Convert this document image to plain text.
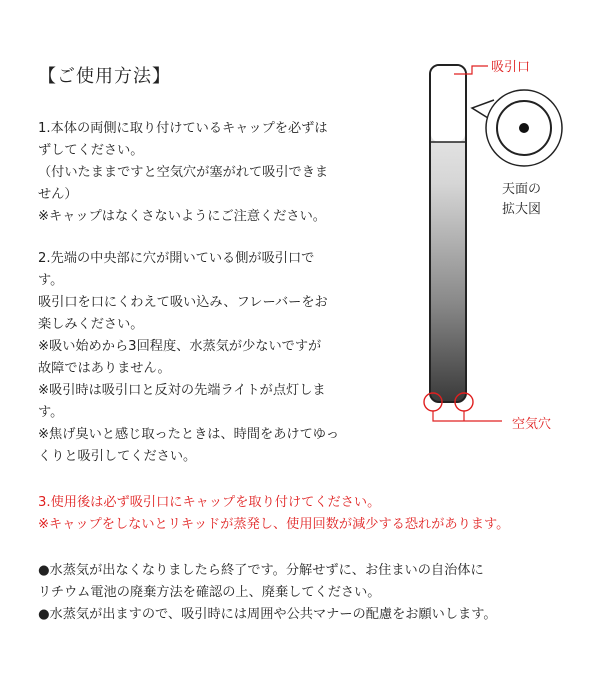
【ご使用方法】
1.本体の両側に取り付けているキャップを必ずは
ずしてください。
（付いたままですと空気穴が塞がれて吸引できま
せん）
※キャップはなくさないようにご注意ください。
2.先端の中央部に穴が開いている側が吸引口で
す。
吸引口を口にくわえて吸い込み、フレーバーをお
楽しみください。
※吸い始めから3回程度、水蒸気が少ないですが
故障ではありません。
※吸引時は吸引口と反対の先端ライトが点灯しま
す。
※焦げ臭いと感じ取ったときは、時間をあけてゆっ
くりと吸引してください。
3.使用後は必ず吸引口にキャップを取り付けてください。
※キャップをしないとリキッドが蒸発し、使用回数が減少する恐れがあります。
●水蒸気が出なくなりましたら終了です。分解せずに、お住まいの自治体に
リチウム電池の廃棄方法を確認の上、廃棄してください。
●水蒸気が出ますので、吸引時には周囲や公共マナーの配慮をお願いします。
吸引口
天面の
拡大図
空気穴
